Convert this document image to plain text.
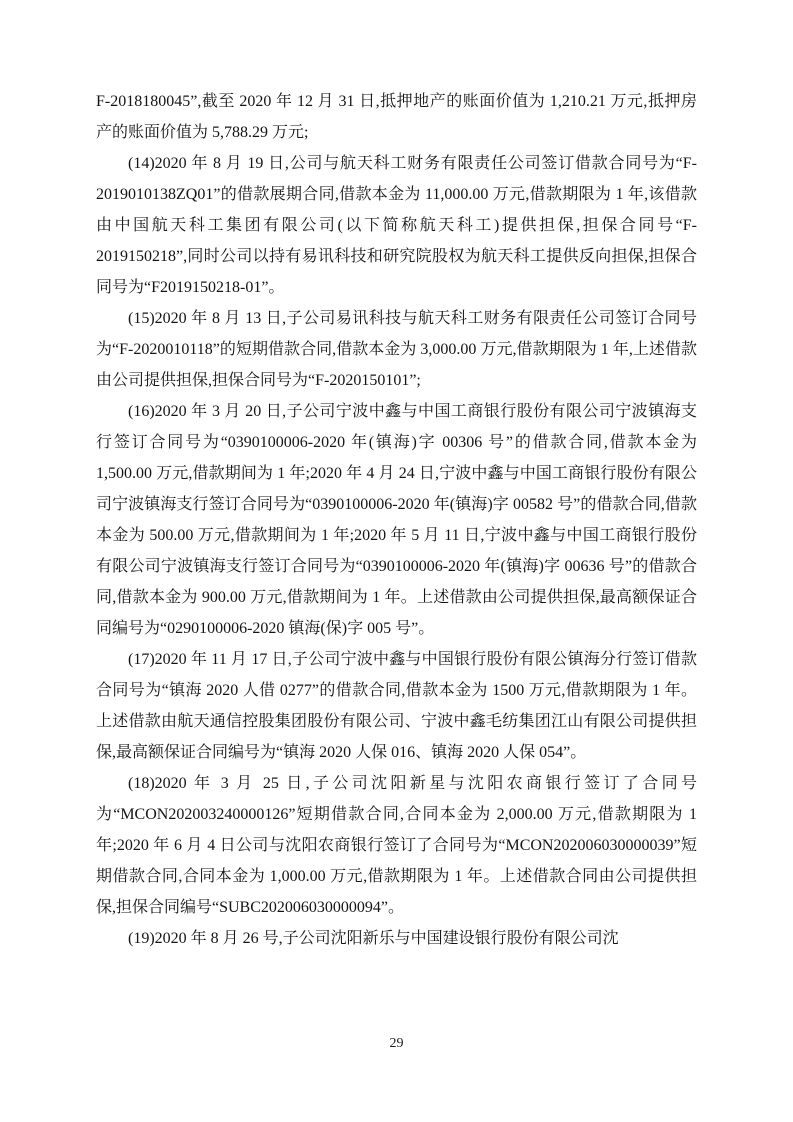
F-2018180045”,截至 2020 年 12 月 31 日,抵押地产的账面价值为 1,210.21 万元,抵押房产的账面价值为 5,788.29 万元;

(14)2020 年 8 月 19 日,公司与航天科工财务有限责任公司签订借款合同号为“F-2019010138ZQ01”的借款展期合同,借款本金为 11,000.00 万元,借款期限为 1 年,该借款由中国航天科工集团有限公司(以下简称航天科工)提供担保,担保合同号“F-2019150218”,同时公司以持有易讯科技和研究院股权为航天科工提供反向担保,担保合同号为“F2019150218-01”。

(15)2020 年 8 月 13 日,子公司易讯科技与航天科工财务有限责任公司签订合同号为“F-2020010118”的短期借款合同,借款本金为 3,000.00 万元,借款期限为 1 年,上述借款由公司提供担保,担保合同号为“F-2020150101”;

(16)2020 年 3 月 20 日,子公司宁波中鑫与中国工商银行股份有限公司宁波镇海支行签订合同号为“0390100006-2020 年(镇海)字 00306 号”的借款合同,借款本金为 1,500.00 万元,借款期间为 1 年;2020 年 4 月 24 日,宁波中鑫与中国工商银行股份有限公司宁波镇海支行签订合同号为“0390100006-2020 年(镇海)字 00582 号”的借款合同,借款本金为 500.00 万元,借款期间为 1 年;2020 年 5 月 11 日,宁波中鑫与中国工商银行股份有限公司宁波镇海支行签订合同号为“0390100006-2020 年(镇海)字 00636 号”的借款合同,借款本金为 900.00 万元,借款期间为 1 年。上述借款由公司提供担保,最高额保证合同编号为“0290100006-2020 镇海(保)字 005 号”。

(17)2020 年 11 月 17 日,子公司宁波中鑫与中国银行股份有限公镇海分行签订借款合同号为“镇海 2020 人借 0277”的借款合同,借款本金为 1500 万元,借款期限为 1 年。上述借款由航天通信控股集团股份有限公司、宁波中鑫毛纺集团江山有限公司提供担保,最高额保证合同编号为“镇海 2020 人保 016、镇海 2020 人保 054”。

(18)2020 年 3 月 25 日,子公司沈阳新星与沈阳农商银行签订了合同号为“MCON202003240000126”短期借款合同,合同本金为 2,000.00 万元,借款期限为 1 年;2020 年 6 月 4 日公司与沈阳农商银行签订了合同号为“MCON202006030000039”短期借款合同,合同本金为 1,000.00 万元,借款期限为 1 年。上述借款合同由公司提供担保,担保合同编号“SUBC202006030000094”。

(19)2020 年 8 月 26 号,子公司沈阳新乐与中国建设银行股份有限公司沈

29
